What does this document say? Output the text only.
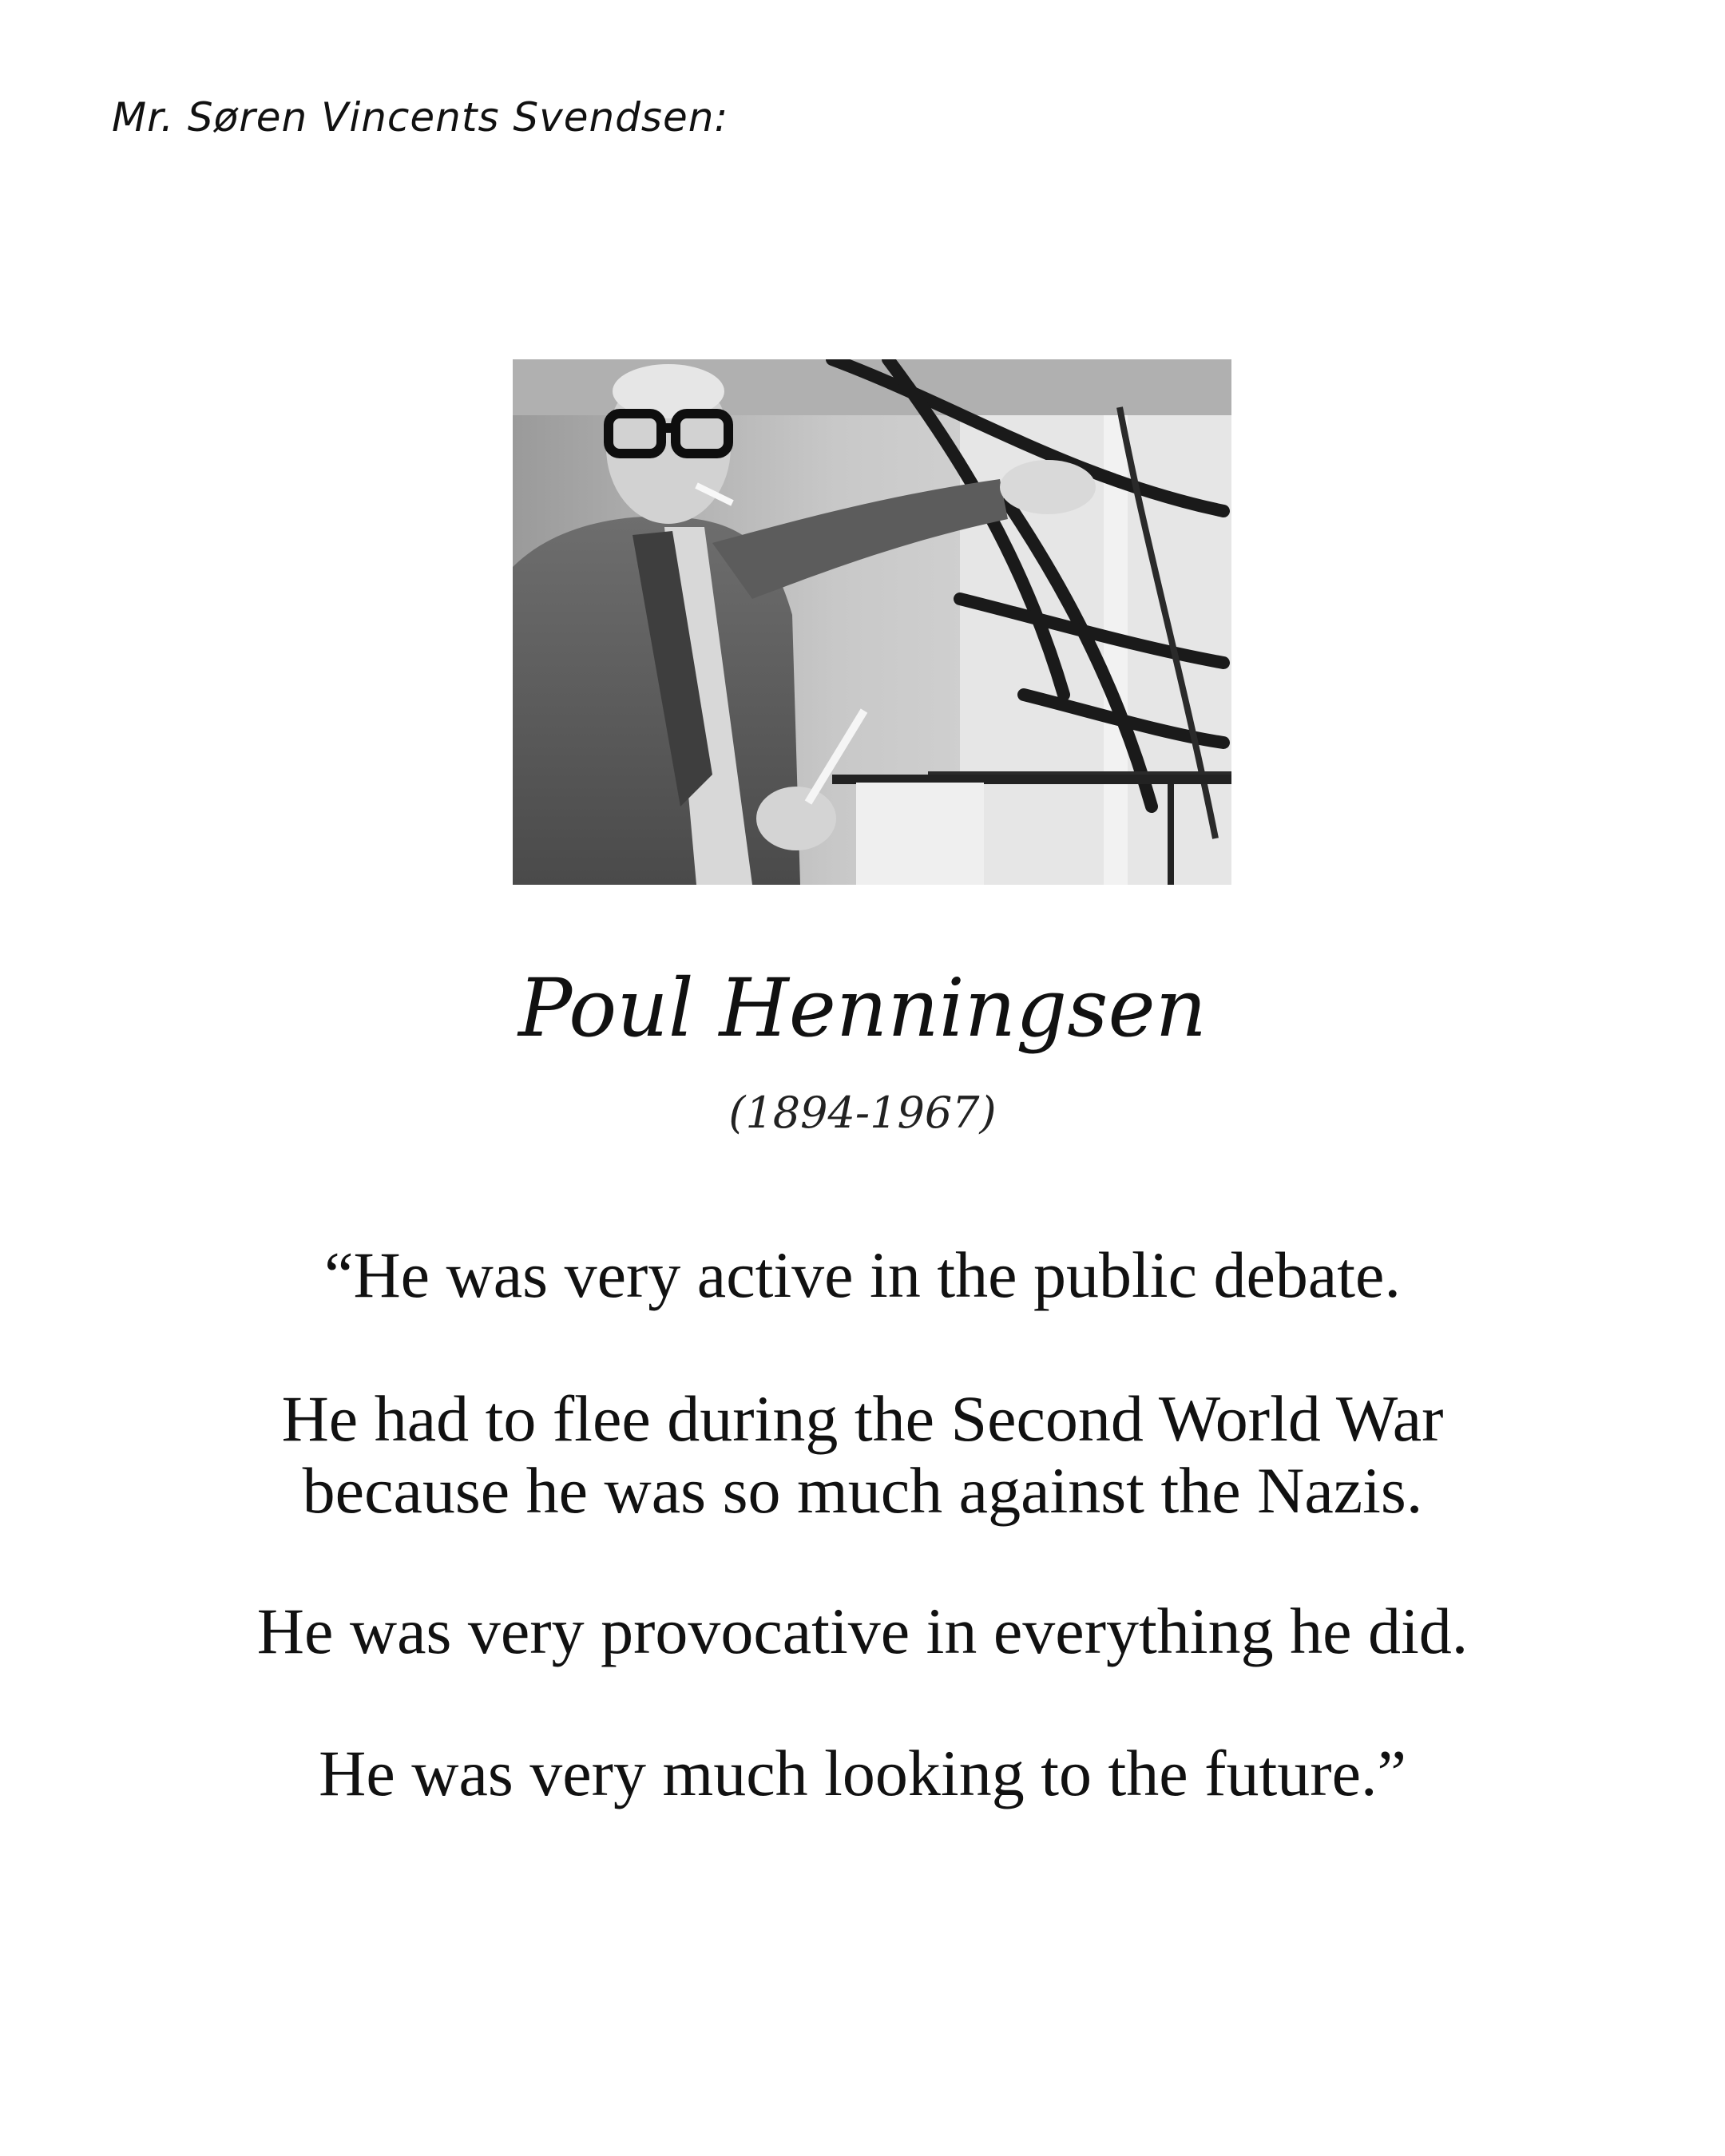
Mr. Søren Vincents Svendsen:
Poul Henningsen
(1894-1967)
“He was very active in the public debate.
He had to flee during the Second World War
because he was so much against the Nazis.
He was very provocative in everything he did.
He was very much looking to the future.”
